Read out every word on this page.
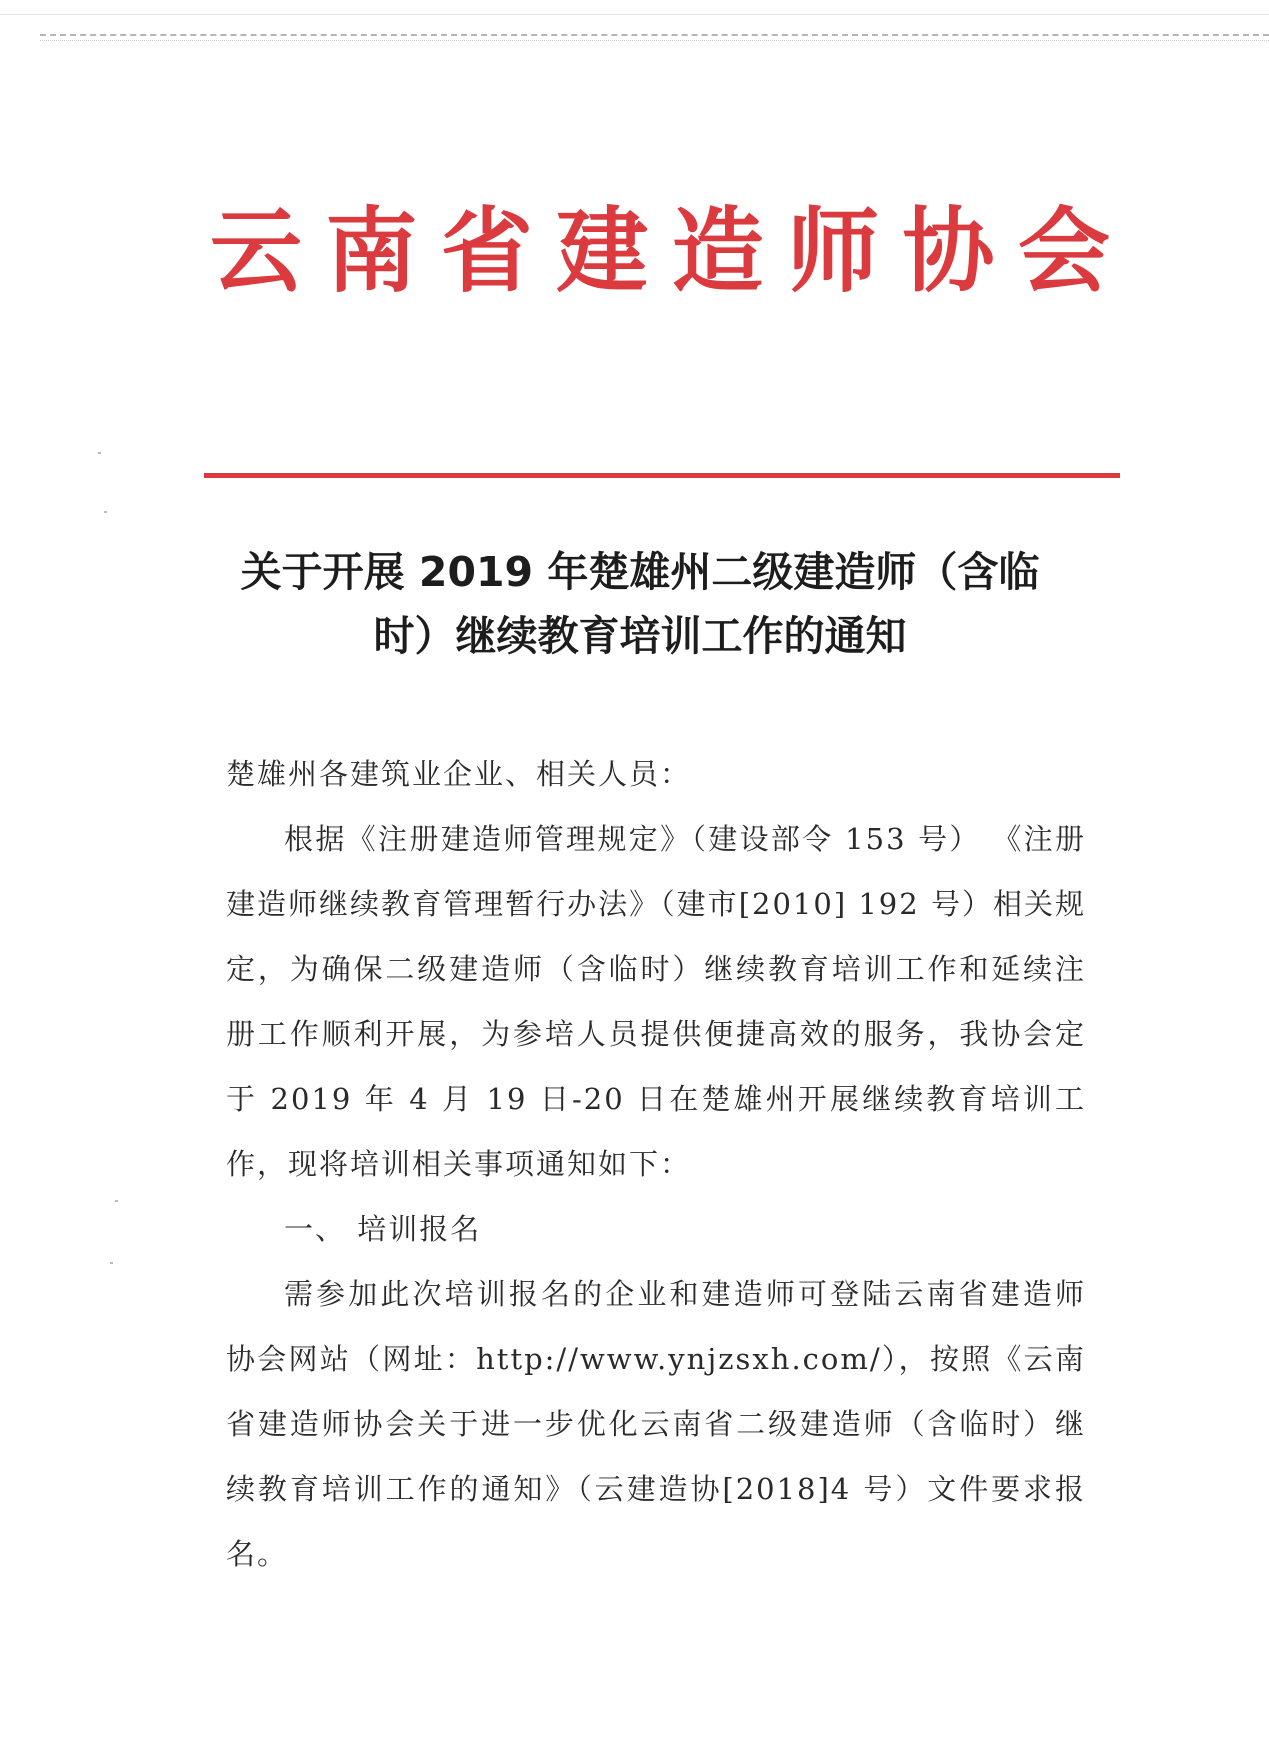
云 南 省 建 造 师 协 会
关于开展 2019 年楚雄州二级建造师（含临
时）继续教育培训工作的通知

楚雄州各建筑业企业、相关人员：

根据《注册建造师管理规定》（建设部令 153 号） 《注册建造师继续教育管理暂行办法》（建市[2010] 192 号）相关规定，为确保二级建造师（含临时）继续教育培训工作和延续注册工作顺利开展，为参培人员提供便捷高效的服务，我协会定于 2019 年 4 月 19 日-20 日在楚雄州开展继续教育培训工作，现将培训相关事项通知如下：

一、 培训报名

需参加此次培训报名的企业和建造师可登陆云南省建造师协会网站（网址：http://www.ynjzsxh.com/），按照《云南省建造师协会关于进一步优化云南省二级建造师（含临时）继续教育培训工作的通知》（云建造协[2018]4 号）文件要求报名。
